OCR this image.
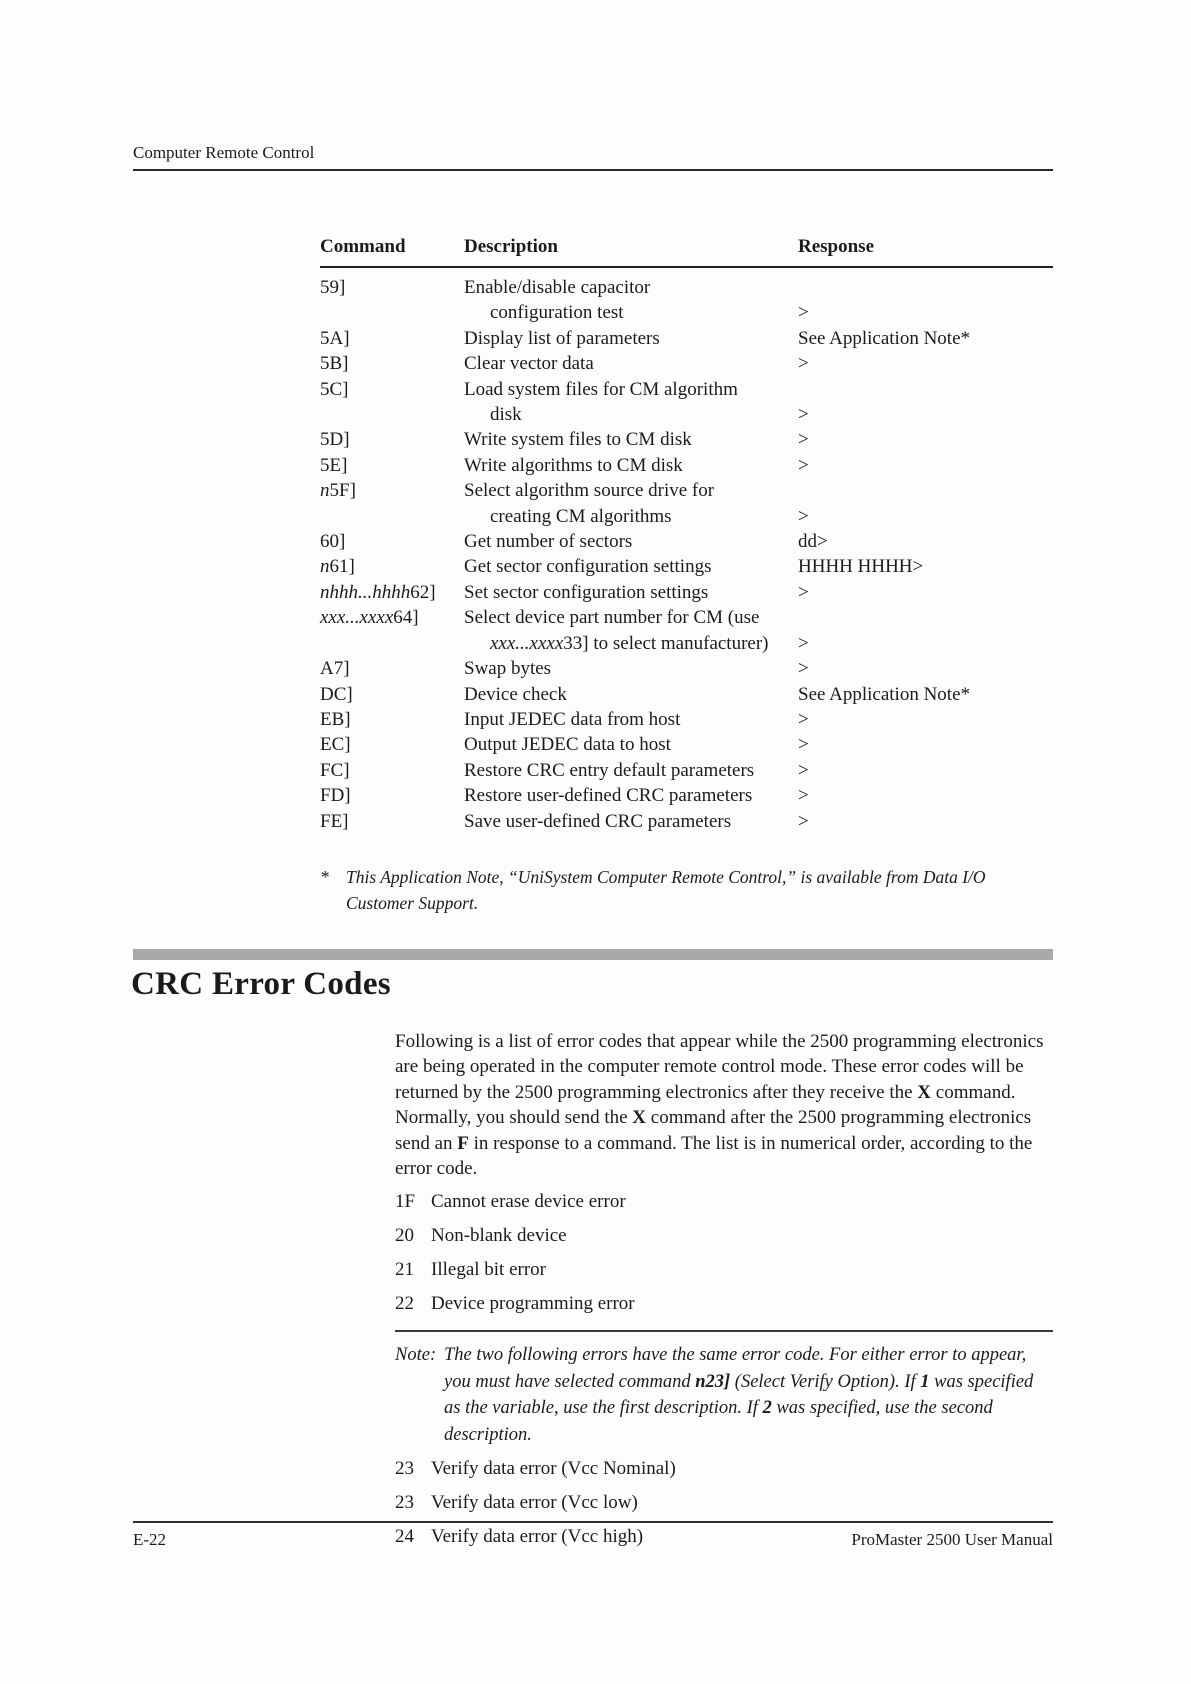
Computer Remote Control
Command	Description	Response
59]	Enable/disable capacitor
configuration test	>
5A]	Display list of parameters	See Application Note*
5B]	Clear vector data	>
5C]	Load system files for CM algorithm
disk	>
5D]	Write system files to CM disk	>
5E]	Write algorithms to CM disk	>
n5F]	Select algorithm source drive for
creating CM algorithms	>
60]	Get number of sectors	dd>
n61]	Get sector configuration settings	HHHH HHHH>
nhhh...hhhh62]	Set sector configuration settings	>
xxx...xxxx64]	Select device part number for CM (use
xxx...xxxx33] to select manufacturer)	>
A7]	Swap bytes	>
DC]	Device check	See Application Note*
EB]	Input JEDEC data from host	>
EC]	Output JEDEC data to host	>
FC]	Restore CRC entry default parameters	>
FD]	Restore user-defined CRC parameters	>
FE]	Save user-defined CRC parameters	>
* This Application Note, “UniSystem Computer Remote Control,” is available from Data I/O Customer Support.
CRC Error Codes

Following is a list of error codes that appear while the 2500 programming electronics are being operated in the computer remote control mode. These error codes will be returned by the 2500 programming electronics after they receive the X command. Normally, you should send the X command after the 2500 programming electronics send an F in response to a command. The list is in numerical order, according to the error code.

1F Cannot erase device error
20 Non-blank device
21 Illegal bit error
22 Device programming error

Note: The two following errors have the same error code. For either error to appear, you must have selected command n23] (Select Verify Option). If 1 was specified as the variable, use the first description. If 2 was specified, use the second description.

23 Verify data error (Vcc Nominal)
23 Verify data error (Vcc low)
24 Verify data error (Vcc high)
E-22	ProMaster 2500 User Manual
